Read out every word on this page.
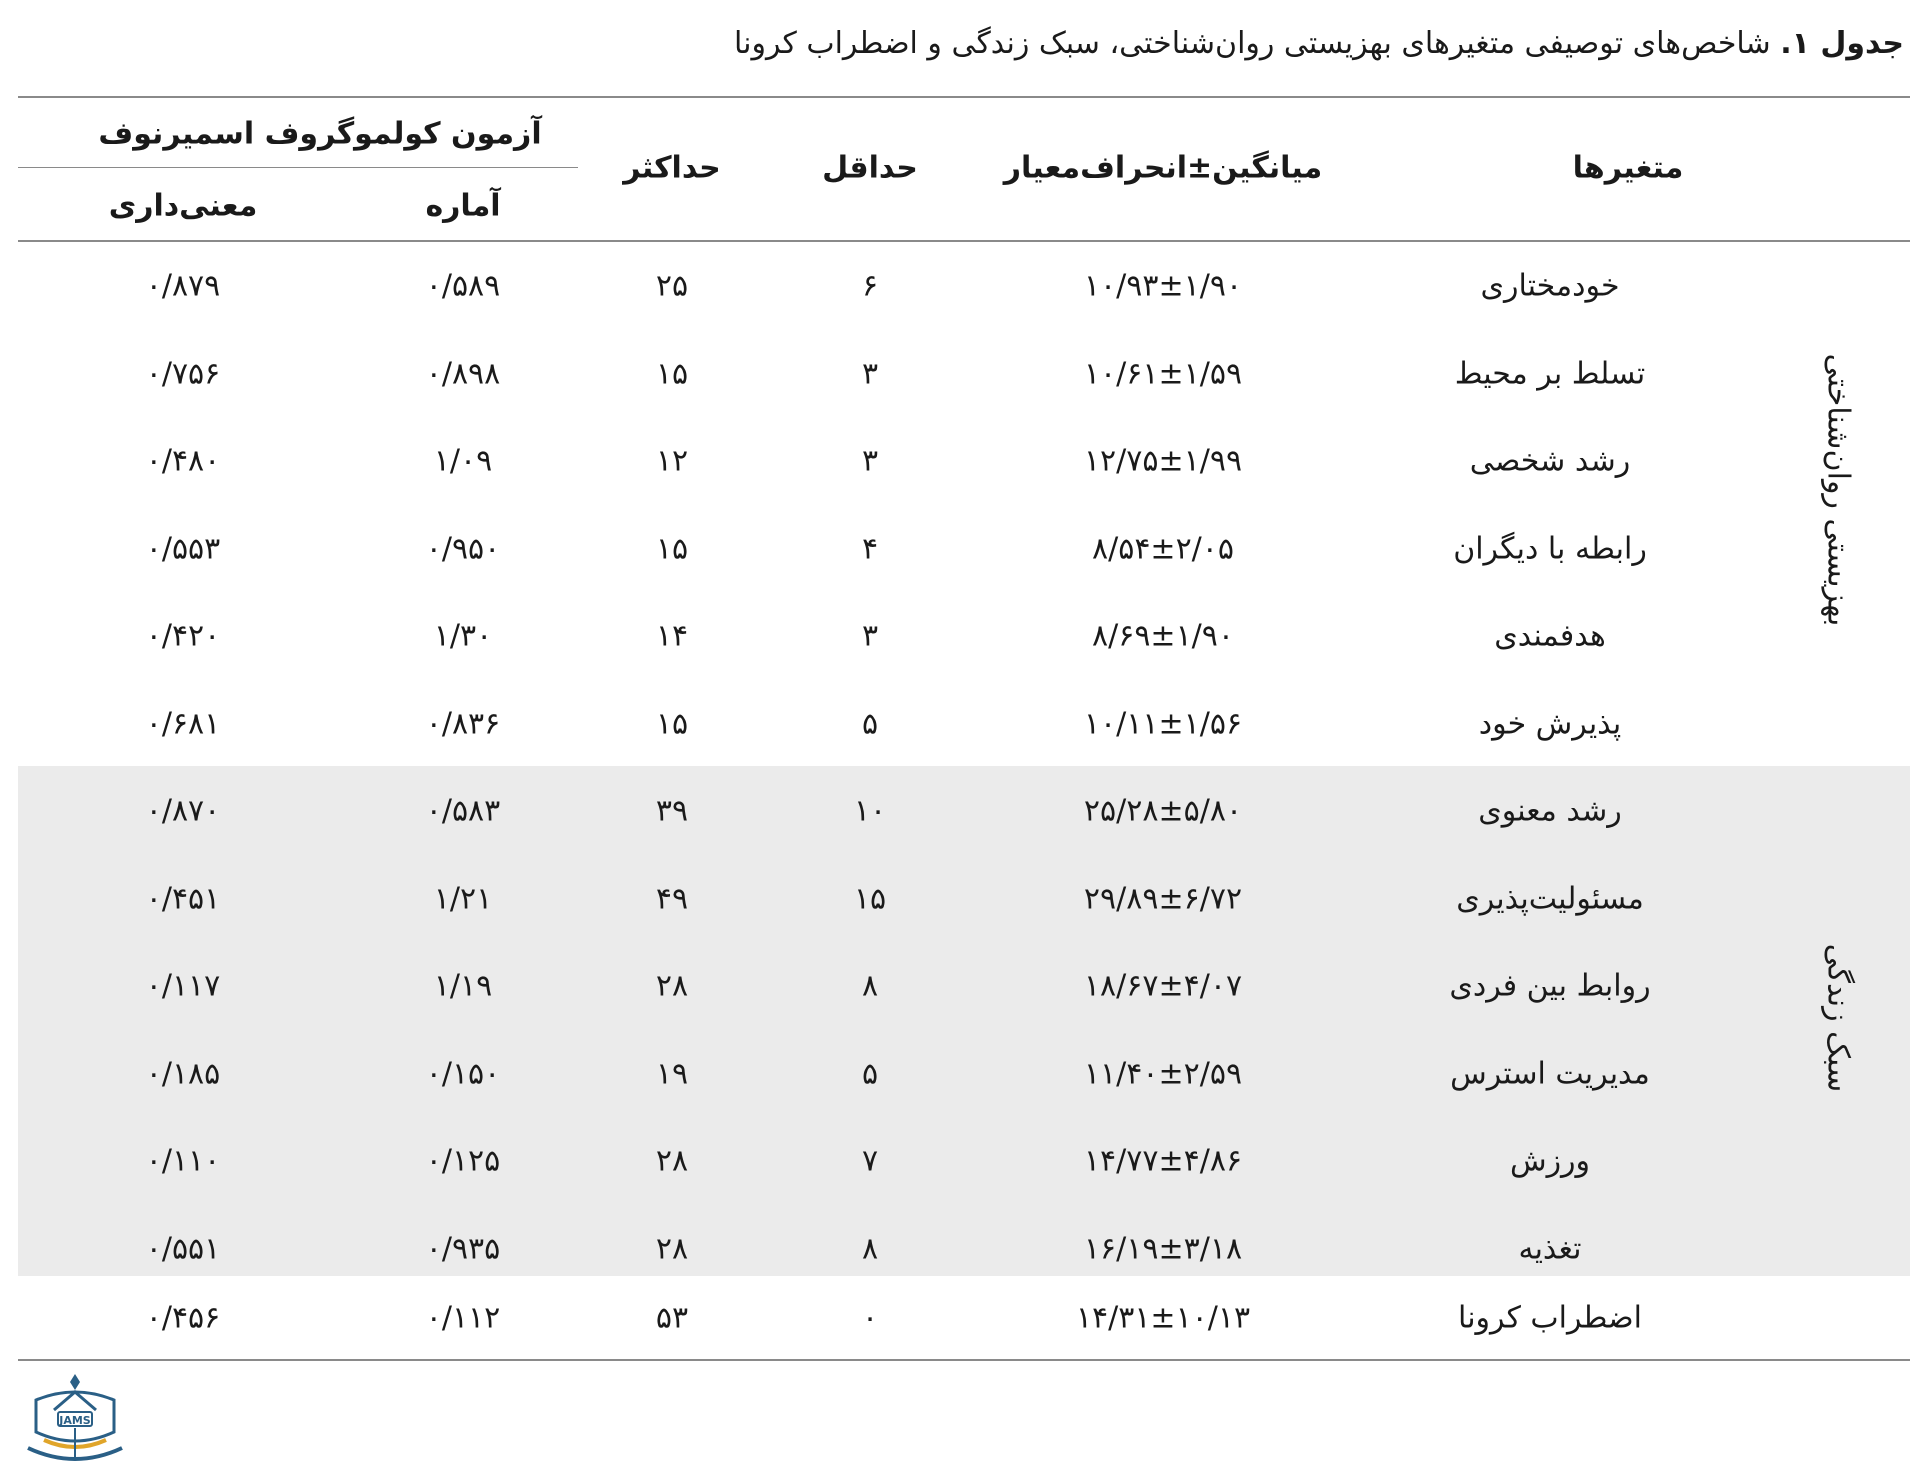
جدول ۱. شاخص‌های توصیفی متغیرهای بهزیستی روان‌شناختی، سبک زندگی و اضطراب کرونا
متغیرها
میانگین±انحراف‌معیار
حداقل
حداکثر
آزمون کولموگروف اسمیرنوف
آماره
معنی‌داری
بهزیستی روان‌شناختی
سبک زندگی
خودمختاری
۱۰/۹۳±۱/۹۰
۶
۲۵
۰/۵۸۹
۰/۸۷۹
تسلط بر محیط
۱۰/۶۱±۱/۵۹
۳
۱۵
۰/۸۹۸
۰/۷۵۶
رشد شخصی
۱۲/۷۵±۱/۹۹
۳
۱۲
۱/۰۹
۰/۴۸۰
رابطه با دیگران
۸/۵۴±۲/۰۵
۴
۱۵
۰/۹۵۰
۰/۵۵۳
هدفمندی
۸/۶۹±۱/۹۰
۳
۱۴
۱/۳۰
۰/۴۲۰
پذیرش خود
۱۰/۱۱±۱/۵۶
۵
۱۵
۰/۸۳۶
۰/۶۸۱
رشد معنوی
۲۵/۲۸±۵/۸۰
۱۰
۳۹
۰/۵۸۳
۰/۸۷۰
مسئولیت‌پذیری
۲۹/۸۹±۶/۷۲
۱۵
۴۹
۱/۲۱
۰/۴۵۱
روابط بین فردی
۱۸/۶۷±۴/۰۷
۸
۲۸
۱/۱۹
۰/۱۱۷
مدیریت استرس
۱۱/۴۰±۲/۵۹
۵
۱۹
۰/۱۵۰
۰/۱۸۵
ورزش
۱۴/۷۷±۴/۸۶
۷
۲۸
۰/۱۲۵
۰/۱۱۰
تغذیه
۱۶/۱۹±۳/۱۸
۸
۲۸
۰/۹۳۵
۰/۵۵۱
اضطراب کرونا
۱۴/۳۱±۱۰/۱۳
۰
۵۳
۰/۱۱۲
۰/۴۵۶
JAMS
